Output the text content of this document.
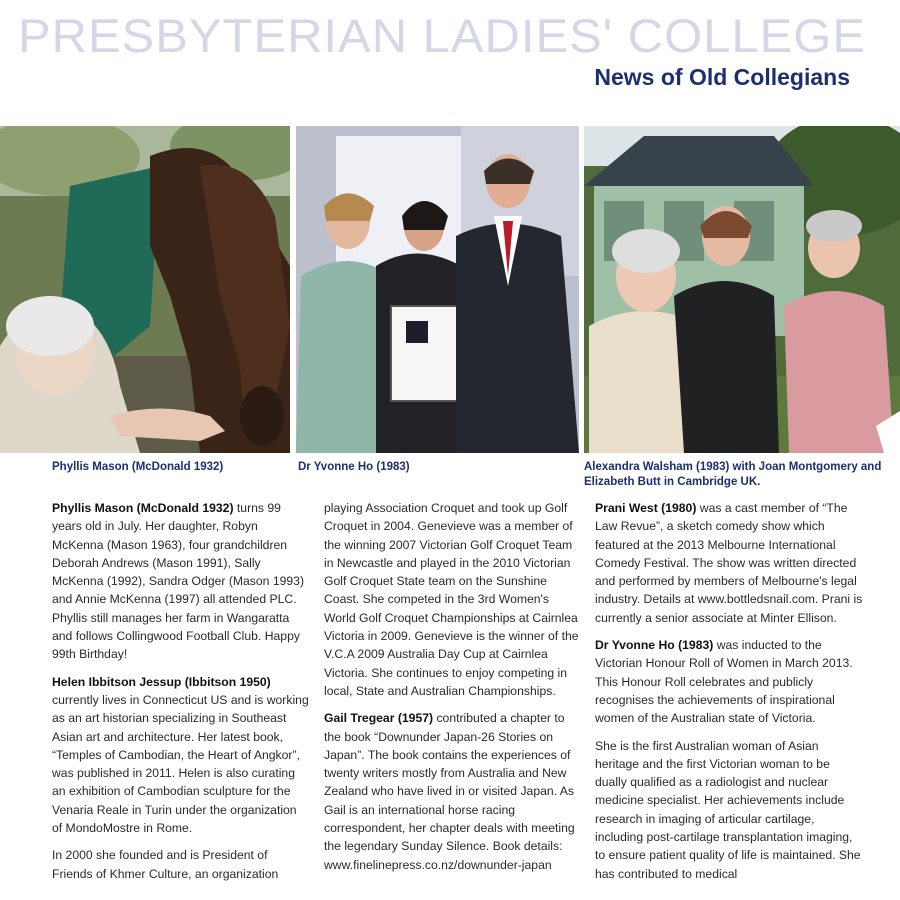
PRESBYTERIAN LADIES' COLLEGE
News of Old Collegians
Phyllis Mason (McDonald 1932)	Dr Yvonne Ho (1983)	Alexandra Walsham (1983) with Joan Montgomery and Elizabeth Butt in Cambridge UK.

Phyllis Mason (McDonald 1932) turns 99 years old in July. Her daughter, Robyn McKenna (Mason 1963), four grandchildren Deborah Andrews (Mason 1991), Sally McKenna (1992), Sandra Odger (Mason 1993) and Annie McKenna (1997) all attended PLC. Phyllis still manages her farm in Wangaratta and follows Collingwood Football Club. Happy 99th Birthday!

Helen Ibbitson Jessup (Ibbitson 1950) currently lives in Connecticut US and is working as an art historian specializing in Southeast Asian art and architecture. Her latest book, “Temples of Cambodian, the Heart of Angkor”, was published in 2011. Helen is also curating an exhibition of Cambodian sculpture for the Venaria Reale in Turin under the organization of MondoMostre in Rome.

In 2000 she founded and is President of Friends of Khmer Culture, an organization

playing Association Croquet and took up Golf Croquet in 2004. Genevieve was a member of the winning 2007 Victorian Golf Croquet Team in Newcastle and played in the 2010 Victorian Golf Croquet State team on the Sunshine Coast. She competed in the 3rd Women's World Golf Croquet Championships at Cairnlea Victoria in 2009. Genevieve is the winner of the V.C.A 2009 Australia Day Cup at Cairnlea Victoria. She continues to enjoy competing in local, State and Australian Championships.

Gail Tregear (1957) contributed a chapter to the book “Downunder Japan-26 Stories on Japan”. The book contains the experiences of twenty writers mostly from Australia and New Zealand who have lived in or visited Japan. As Gail is an international horse racing correspondent, her chapter deals with meeting the legendary Sunday Silence. Book details: www.finelinepress.co.nz/downunder-japan

Prani West (1980) was a cast member of “The Law Revue”, a sketch comedy show which featured at the 2013 Melbourne International Comedy Festival. The show was written directed and performed by members of Melbourne's legal industry. Details at www.bottledsnail.com. Prani is currently a senior associate at Minter Ellison.

Dr Yvonne Ho (1983) was inducted to the Victorian Honour Roll of Women in March 2013. This Honour Roll celebrates and publicly recognises the achievements of inspirational women of the Australian state of Victoria.

She is the first Australian woman of Asian heritage and the first Victorian woman to be dually qualified as a radiologist and nuclear medicine specialist. Her achievements include research in imaging of articular cartilage, including post-cartilage transplantation imaging, to ensure patient quality of life is maintained. She has contributed to medical
